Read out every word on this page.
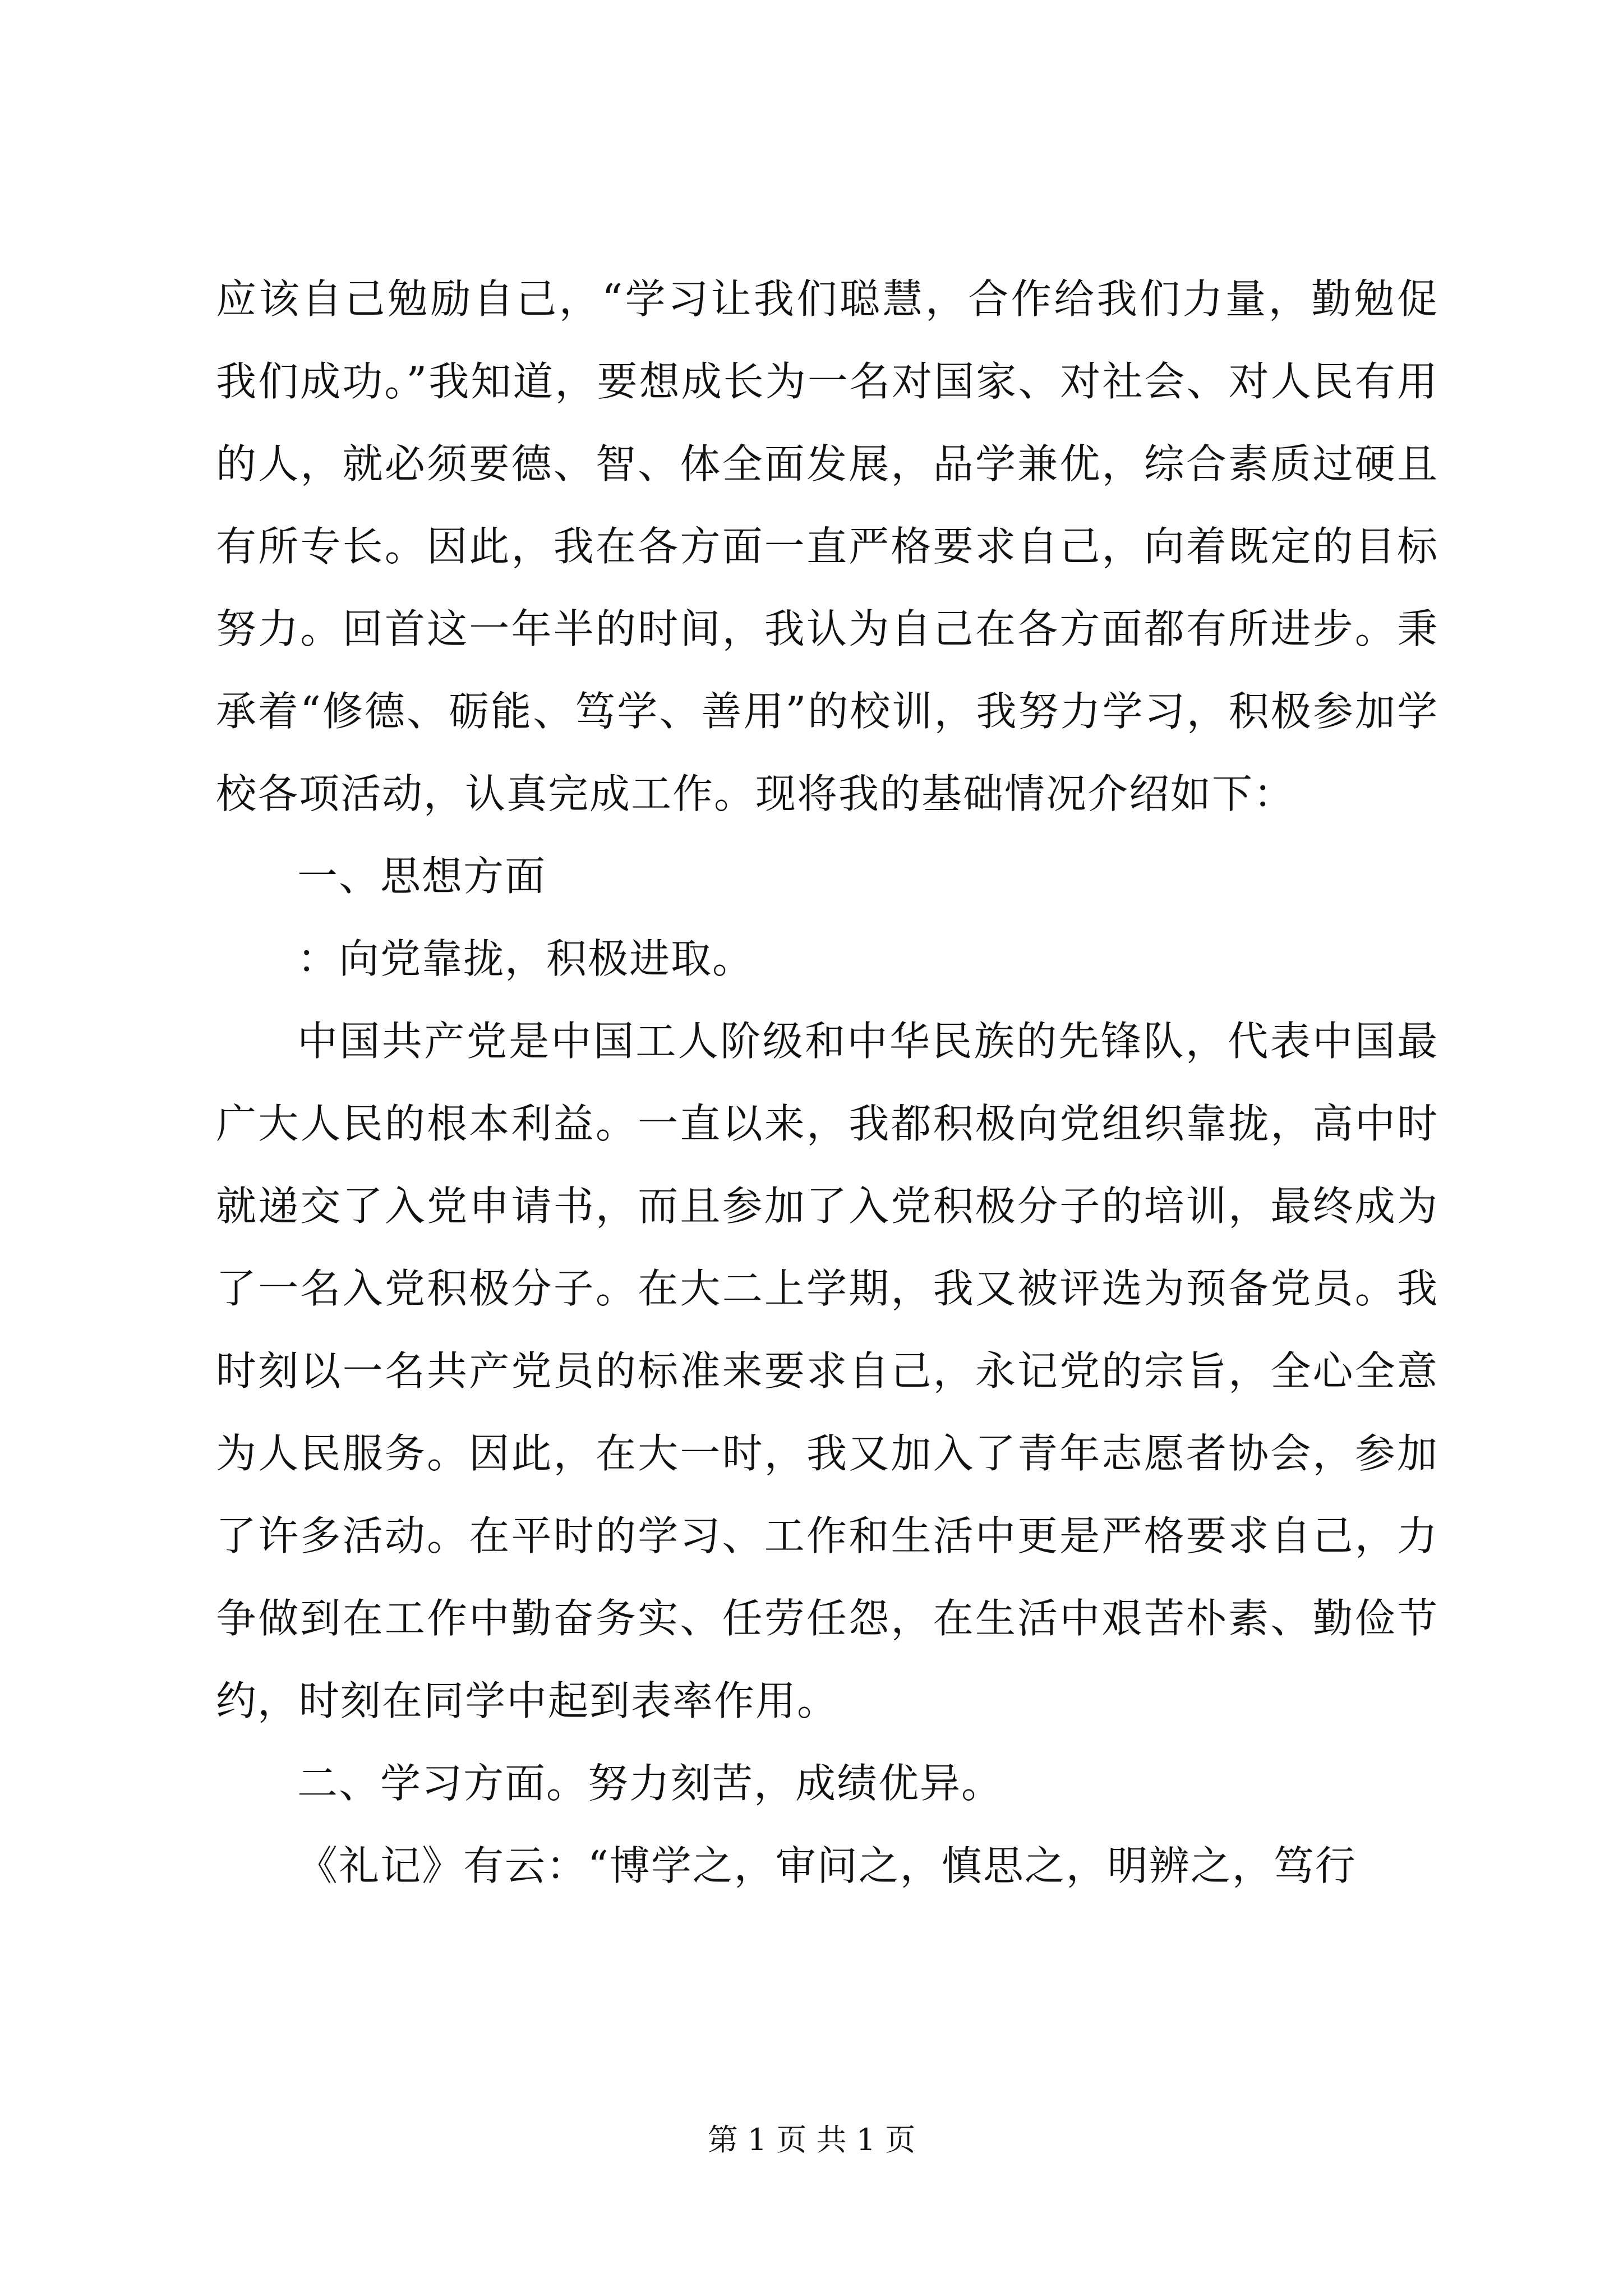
应该自己勉励自己，“学习让我们聪慧，合作给我们力量，勤勉促我们成功。”我知道，要想成长为一名对国家、对社会、对人民有用的人，就必须要德、智、体全面发展，品学兼优，综合素质过硬且有所专长。因此，我在各方面一直严格要求自己，向着既定的目标努力。回首这一年半的时间，我认为自己在各方面都有所进步。秉承着“修德、砺能、笃学、善用”的校训，我努力学习，积极参加学校各项活动，认真完成工作。现将我的基础情况介绍如下：

一、思想方面

：向党靠拢，积极进取。

中国共产党是中国工人阶级和中华民族的先锋队，代表中国最广大人民的根本利益。一直以来，我都积极向党组织靠拢，高中时就递交了入党申请书，而且参加了入党积极分子的培训，最终成为了一名入党积极分子。在大二上学期，我又被评选为预备党员。我时刻以一名共产党员的标准来要求自己，永记党的宗旨，全心全意为人民服务。因此，在大一时，我又加入了青年志愿者协会，参加了许多活动。在平时的学习、工作和生活中更是严格要求自己，力争做到在工作中勤奋务实、任劳任怨，在生活中艰苦朴素、勤俭节约，时刻在同学中起到表率作用。

二、学习方面。努力刻苦，成绩优异。

《礼记》有云：“博学之，审问之，慎思之，明辨之，笃行

第 1 页 共 1 页
